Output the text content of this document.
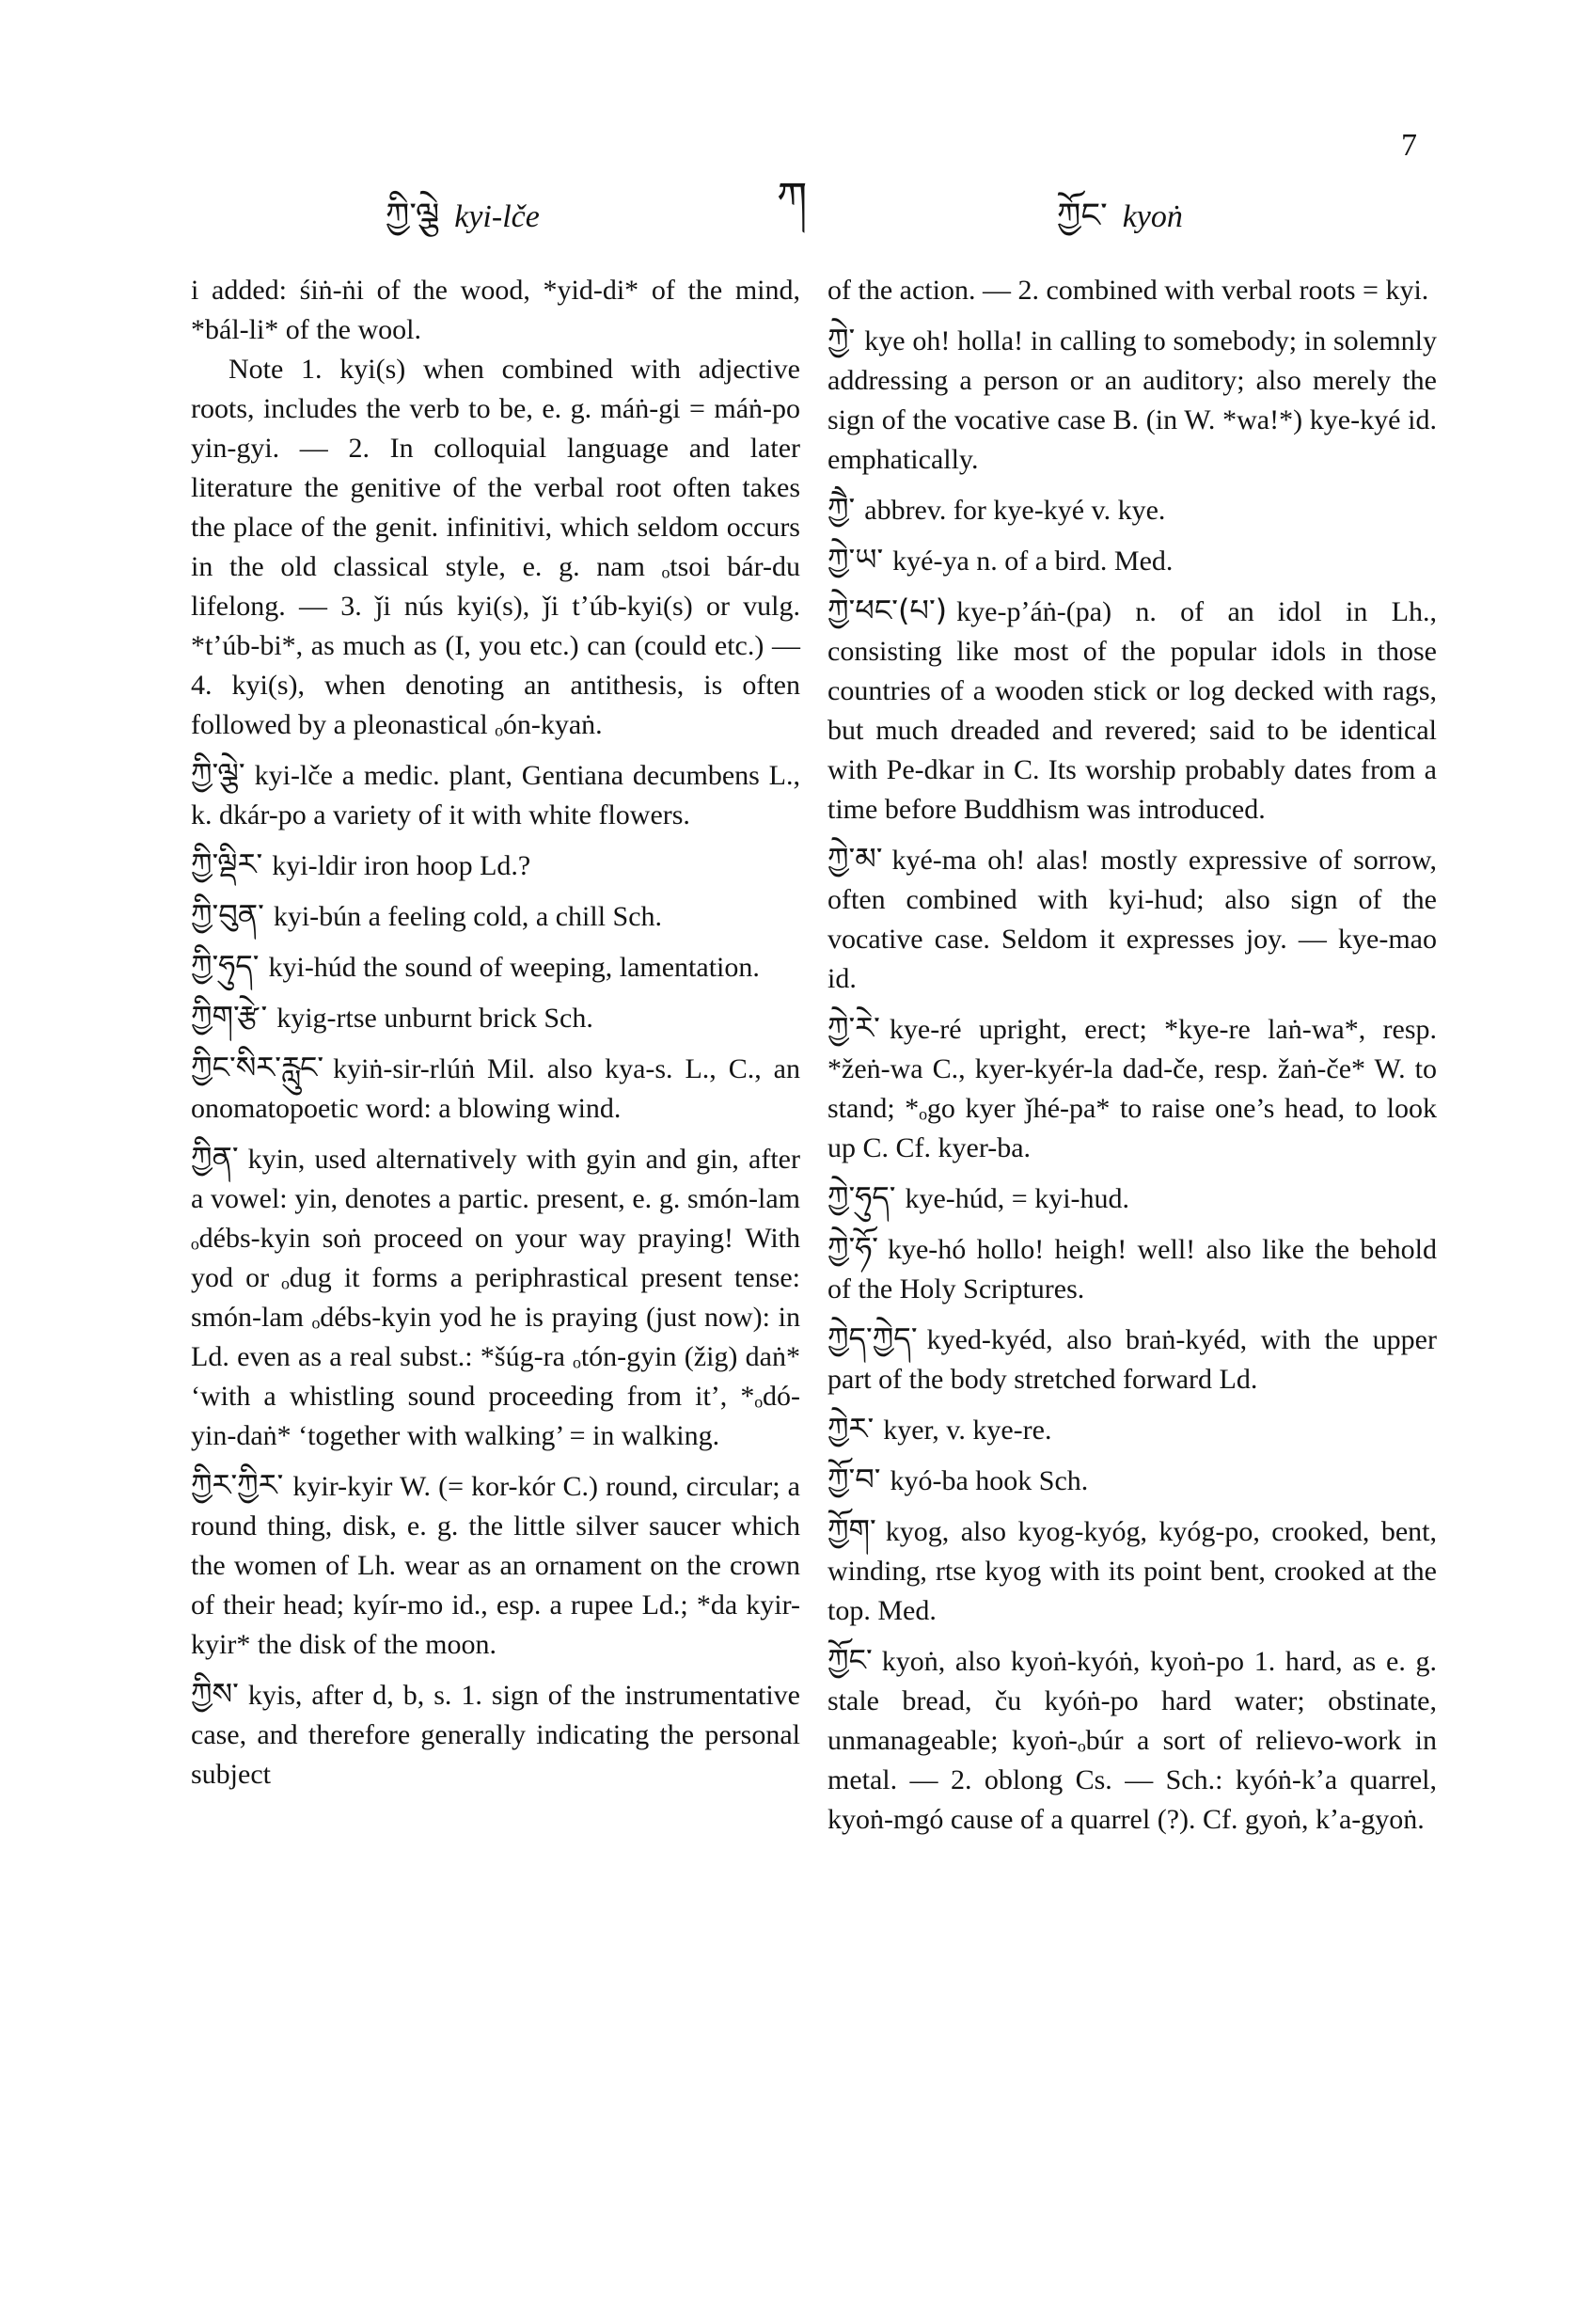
7
ཀ
ཀྱི་ལྕེ kyi-lče	ཀྱོང་ kyoṅ

i added: śiṅ-ṅi of the wood, *yid-di* of the mind, *bál-li* of the wool.

Note 1. kyi(s) when combined with adjective roots, includes the verb to be, e. g. máṅ-gi = máṅ-po yin-gyi. — 2. In colloquial language and later literature the genitive of the verbal root often takes the place of the genit. infinitivi, which seldom occurs in the old classical style, e. g. nam ₒtsoi bár-du lifelong. — 3. ǰi nús kyi(s), ǰi tʼúb-kyi(s) or vulg. *tʼúb-bi*, as much as (I, you etc.) can (could etc.) — 4. kyi(s), when denoting an antithesis, is often followed by a pleonastical ₒón-kyaṅ.

ཀྱི་ལྕེ་ kyi-lče a medic. plant, Gentiana decumbens L., k. dkár-po a variety of it with white flowers.

ཀྱི་ལྡིར་ kyi-ldir iron hoop Ld.?

ཀྱི་བུན་ kyi-bún a feeling cold, a chill Sch.

ཀྱི་ཧུད་ kyi-húd the sound of weeping, lamentation.

ཀྱིག་རྩེ་ kyig-rtse unburnt brick Sch.

ཀྱིང་སིར་རླུང་ kyiṅ-sir-rlúṅ Mil. also kya-s. L., C., an onomatopoetic word: a blowing wind.

ཀྱིན་ kyin, used alternatively with gyin and gin, after a vowel: yin, denotes a partic. present, e. g. smón-lam ₒdébs-kyin soṅ proceed on your way praying! With yod or ₒdug it forms a periphrastical present tense: smón-lam ₒdébs-kyin yod he is praying (just now): in Ld. even as a real subst.: *šúg-ra ₒtón-gyin (žig) daṅ* ‘with a whistling sound proceeding from it’, *ₒdó-yin-daṅ* ‘together with walking’ = in walking.

ཀྱིར་ཀྱིར་ kyir-kyir W. (= kor-kór C.) round, circular; a round thing, disk, e. g. the little silver saucer which the women of Lh. wear as an ornament on the crown of their head; kyír-mo id., esp. a rupee Ld.; *da kyir-kyir* the disk of the moon.

ཀྱིས་ kyis, after d, b, s. 1. sign of the instrumentative case, and therefore generally indicating the personal subject

of the action. — 2. combined with verbal roots = kyi.

ཀྱེ་ kye oh! holla! in calling to somebody; in solemnly addressing a person or an auditory; also merely the sign of the vocative case B. (in W. *wa!*) kye-kyé id. emphatically.

ཀྱཻ་ abbrev. for kye-kyé v. kye.

ཀྱེ་ཡ་ kyé-ya n. of a bird. Med.

ཀྱེ་ཕང་(པ་) kye-pʼáṅ-(pa) n. of an idol in Lh., consisting like most of the popular idols in those countries of a wooden stick or log decked with rags, but much dreaded and revered; said to be identical with Pe-dkar in C. Its worship probably dates from a time before Buddhism was introduced.

ཀྱེ་མ་ kyé-ma oh! alas! mostly expressive of sorrow, often combined with kyi-hud; also sign of the vocative case. Seldom it expresses joy. — kye-mao id.

ཀྱེ་རེ་ kye-ré upright, erect; *kye-re laṅ-wa*, resp. *žeṅ-wa C., kyer-kyér-la dad-če, resp. žaṅ-če* W. to stand; *ₒgo kyer ǰhé-pa* to raise one’s head, to look up C. Cf. kyer-ba.

ཀྱེ་ཧུད་ kye-húd, = kyi-hud.

ཀྱེ་ཧོ་ kye-hó hollo! heigh! well! also like the behold of the Holy Scriptures.

ཀྱེད་ཀྱེད་ kyed-kyéd, also braṅ-kyéd, with the upper part of the body stretched forward Ld.

ཀྱེར་ kyer, v. kye-re.

ཀྱོ་བ་ kyó-ba hook Sch.

ཀྱོག་ kyog, also kyog-kyóg, kyóg-po, crooked, bent, winding, rtse kyog with its point bent, crooked at the top. Med.

ཀྱོང་ kyoṅ, also kyoṅ-kyóṅ, kyoṅ-po 1. hard, as e. g. stale bread, ču kyóṅ-po hard water; obstinate, unmanageable; kyoṅ-ₒbúr a sort of relievo-work in metal. — 2. oblong Cs. — Sch.: kyóṅ-kʼa quarrel, kyoṅ-mgó cause of a quarrel (?). Cf. gyoṅ, kʼa-gyoṅ.
